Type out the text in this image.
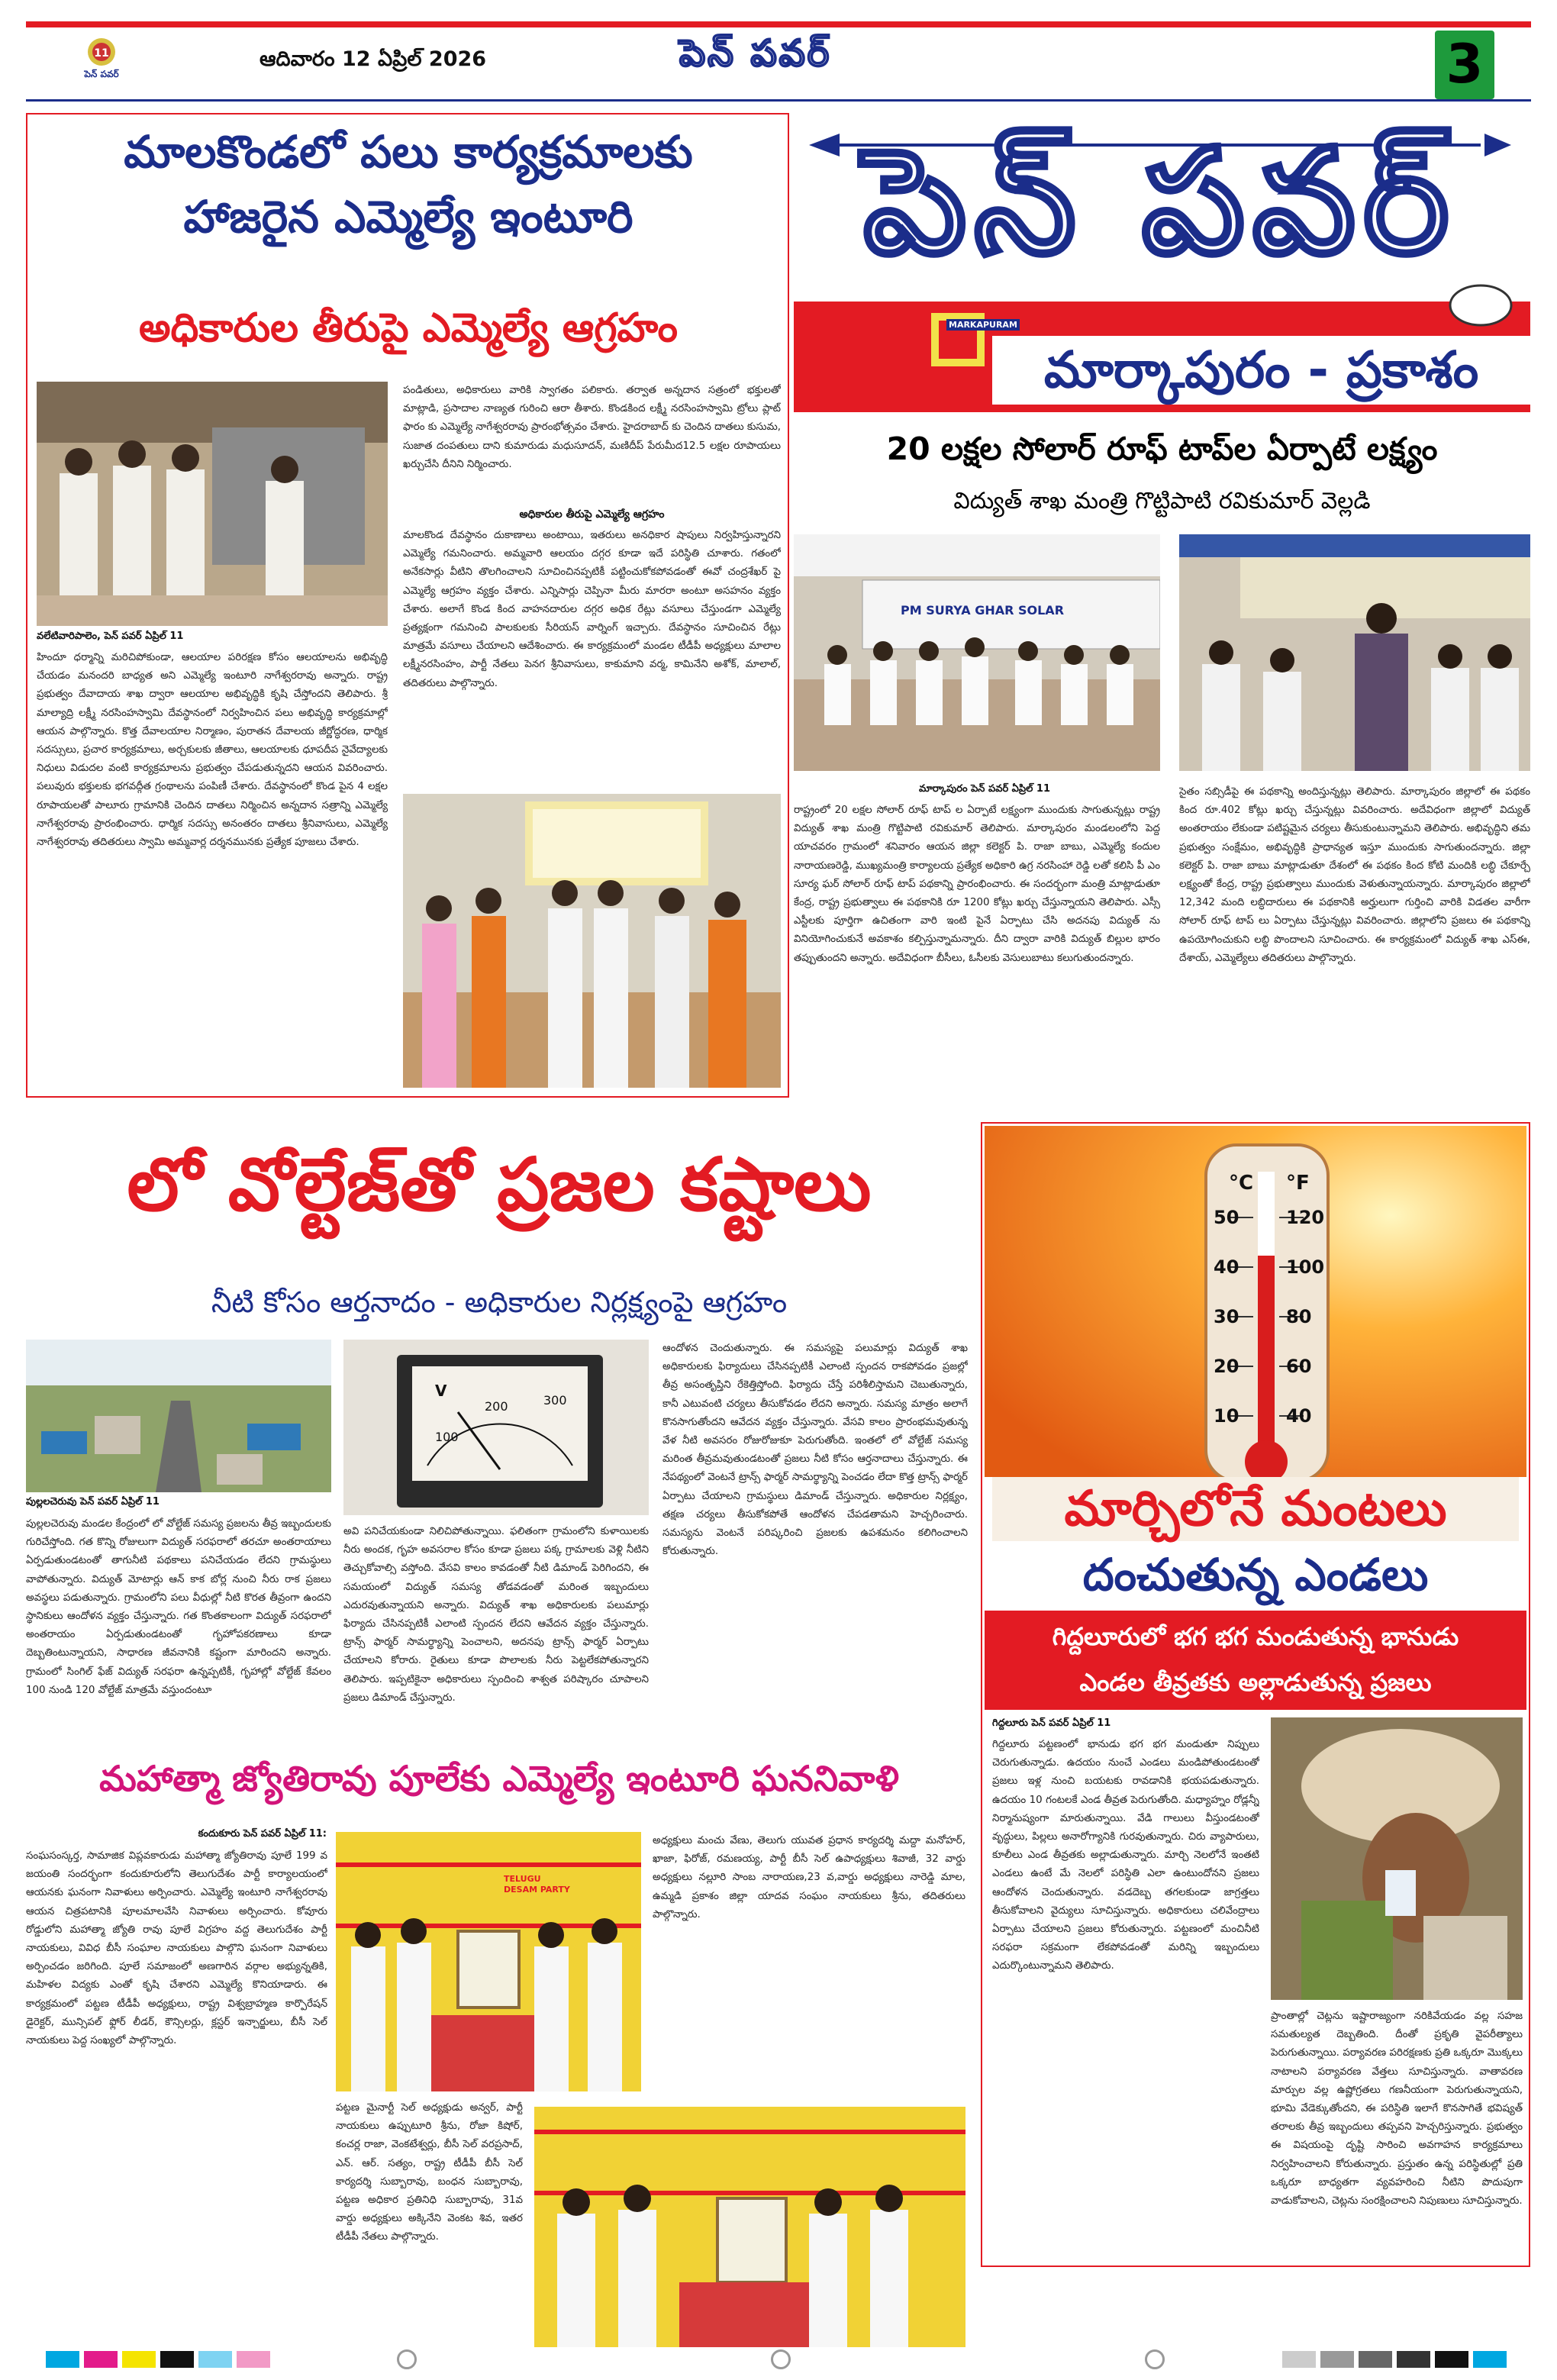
11
పెన్ పవర్
ఆదివారం 12 ఏప్రిల్ 2026	పెన్ పవర్	3
మాలకొండలో పలు కార్యక్రమాలకు
హాజరైన ఎమ్మెల్యే ఇంటూరి
అధికారుల తీరుపై ఎమ్మెల్యే ఆగ్రహం
వలేటివారిపాలెం, పెన్ పవర్ ఏప్రిల్ 11

హిందూ ధర్మాన్ని మరిచిపోకుండా, ఆలయాల పరిరక్షణ కోసం ఆలయాలను అభివృద్ధి చేయడం మనందరి బాధ్యత అని ఎమ్మెల్యే ఇంటూరి నాగేశ్వరరావు అన్నారు. రాష్ట్ర ప్రభుత్వం దేవాదాయ శాఖ ద్వారా ఆలయాల అభివృద్ధికి కృషి చేస్తోందని తెలిపారు. శ్రీ మాల్యాద్రి లక్ష్మీ నరసింహస్వామి దేవస్థానంలో నిర్వహించిన పలు అభివృద్ధి కార్యక్రమాల్లో ఆయన పాల్గొన్నారు. కొత్త దేవాలయాల నిర్మాణం, పురాతన దేవాలయ జీర్ణోద్ధరణ, ధార్మిక సదస్సులు, ప్రచార కార్యక్రమాలు, అర్చకులకు జీతాలు, ఆలయాలకు ధూపదీప నైవేద్యాలకు నిధులు విడుదల వంటి కార్యక్రమాలను ప్రభుత్వం చేపడుతున్నదని ఆయన వివరించారు. పలువురు భక్తులకు భగవద్గీత గ్రంథాలను పంపిణీ చేశారు. దేవస్థానంలో కొండ పైన 4 లక్షల రూపాయలతో పాలూరు గ్రామానికి చెందిన దాతలు నిర్మించిన అన్నదాన సత్రాన్ని ఎమ్మెల్యే నాగేశ్వరరావు ప్రారంభించారు. ధార్మిక సదస్సు అనంతరం దాతలు శ్రీనివాసులు, ఎమ్మెల్యే నాగేశ్వరరావు తదితరులు స్వామి అమ్మవార్ల దర్శనమునకు ప్రత్యేక పూజలు చేశారు.

పండితులు, అధికారులు వారికి స్వాగతం పలికారు. తర్వాత అన్నదాన సత్రంలో భక్తులతో మాట్లాడి, ప్రసాదాల నాణ్యత గురించి ఆరా తీశారు. కొండకింద లక్ష్మీ నరసింహస్వామి ట్రోలు ప్లాట్ ఫారం కు ఎమ్మెల్యే నాగేశ్వరరావు ప్రారంభోత్సవం చేశారు. హైదరాబాద్ కు చెందిన దాతలు కుసుమ, సుజాత దంపతులు దాని కుమారుడు మధుసూదన్, మణిదీప్ పేరుమీద12.5 లక్షల రూపాయలు ఖర్చుచేసి దీనిని నిర్మించారు.

అధికారుల తీరుపై ఎమ్మెల్యే ఆగ్రహం

మాలకొండ దేవస్థానం దుకాణాలు అంటాయి, ఇతరులు అనధికార షాపులు నిర్వహిస్తున్నారని ఎమ్మెల్యే గమనించారు. అమ్మవారి ఆలయం దగ్గర కూడా ఇదే పరిస్థితి చూశారు. గతంలో అనేకసార్లు వీటిని తొలగించాలని సూచించినప్పటికీ పట్టించుకోకపోవడంతో ఈవో చంద్రశేఖర్ పై ఎమ్మెల్యే ఆగ్రహం వ్యక్తం చేశారు. ఎన్నిసార్లు చెప్పినా మీరు మారరా అంటూ అసహనం వ్యక్తం చేశారు. అలాగే కొండ కింద వాహనదారుల దగ్గర అధిక రేట్లు వసూలు చేస్తుండగా ఎమ్మెల్యే ప్రత్యక్షంగా గమనించి పాలకులకు సీరియస్ వార్నింగ్ ఇచ్చారు. దేవస్థానం సూచించిన రేట్లు మాత్రమే వసూలు చేయాలని ఆదేశించారు. ఈ కార్యక్రమంలో మండల టీడీపీ అధ్యక్షులు మాలాల లక్ష్మీనరసింహం, పార్టీ నేతలు పెనగ శ్రీనివాసులు, కాకుమాని వర్మ, కామినేని అశోక్, మాలాల్, తదితరులు పాల్గొన్నారు.

పెన్ పవర్
MARKAPURAM
మార్కాపురం - ప్రకాశం
20 లక్షల సోలార్ రూఫ్ టాప్‌ల ఏర్పాటే లక్ష్యం
విద్యుత్ శాఖ మంత్రి గొట్టిపాటి రవికుమార్ వెల్లడి
PM SURYA GHAR SOLAR
మార్కాపురం పెన్ పవర్ ఏప్రిల్ 11

రాష్ట్రంలో 20 లక్షల సోలార్ రూఫ్ టాప్ ల ఏర్పాటే లక్ష్యంగా ముందుకు సాగుతున్నట్లు రాష్ట్ర విద్యుత్ శాఖ మంత్రి గొట్టిపాటి రవికుమార్ తెలిపారు. మార్కాపురం మండలంలోని పెద్ద యాచవరం గ్రామంలో శనివారం ఆయన జిల్లా కలెక్టర్ పి. రాజా బాబు, ఎమ్మెల్యే కందుల నారాయణరెడ్డి, ముఖ్యమంత్రి కార్యాలయ ప్రత్యేక అధికారి ఉగ్ర నరసింహా రెడ్డి లతో కలిసి పీ ఎం సూర్య ఘర్ సోలార్ రూఫ్ టాప్ పథకాన్ని ప్రారంభించారు. ఈ సందర్భంగా మంత్రి మాట్లాడుతూ కేంద్ర, రాష్ట్ర ప్రభుత్వాలు ఈ పథకానికి రూ 1200 కోట్లు ఖర్చు చేస్తున్నాయని తెలిపారు. ఎస్సీ ఎస్టీలకు పూర్తిగా ఉచితంగా వారి ఇంటి పైనే ఏర్పాటు చేసి అదనపు విద్యుత్ ను వినియోగించుకునే అవకాశం కల్పిస్తున్నామన్నారు. దీని ద్వారా వారికి విద్యుత్ బిల్లుల భారం తప్పుతుందని అన్నారు. అదేవిధంగా బీసీలు, ఓసీలకు వెసులుబాటు కలుగుతుందన్నారు.

సైతం సబ్సిడీపై ఈ పథకాన్ని అందిస్తున్నట్లు తెలిపారు. మార్కాపురం జిల్లాలో ఈ పథకం కింద రూ.402 కోట్లు ఖర్చు చేస్తున్నట్లు వివరించారు. అదేవిధంగా జిల్లాలో విద్యుత్ అంతరాయం లేకుండా పటిష్టమైన చర్యలు తీసుకుంటున్నామని తెలిపారు. అభివృద్ధిని తమ ప్రభుత్వం సంక్షేమం, అభివృద్ధికి ప్రాధాన్యత ఇస్తూ ముందుకు సాగుతుందన్నారు. జిల్లా కలెక్టర్ పి. రాజా బాబు మాట్లాడుతూ దేశంలో ఈ పథకం కింద కోటి మందికి లబ్ధి చేకూర్చే లక్ష్యంతో కేంద్ర, రాష్ట్ర ప్రభుత్వాలు ముందుకు వెళుతున్నాయన్నారు. మార్కాపురం జిల్లాలో 12,342 మంది లబ్ధిదారులు ఈ పథకానికి అర్హులుగా గుర్తించి వారికి విడతల వారీగా సోలార్ రూఫ్ టాప్ లు ఏర్పాటు చేస్తున్నట్లు వివరించారు. జిల్లాలోని ప్రజలు ఈ పథకాన్ని ఉపయోగించుకుని లబ్ధి పొందాలని సూచించారు. ఈ కార్యక్రమంలో విద్యుత్ శాఖ ఎస్ఈ, దేశాయ్, ఎమ్మెల్యేలు తదితరులు పాల్గొన్నారు.

లో వోల్టేజ్‌తో ప్రజల కష్టాలు
నీటి కోసం ఆర్తనాదం - అధికారుల నిర్లక్ష్యంపై ఆగ్రహం
పుల్లలచెరువు పెన్ పవర్ ఏప్రిల్ 11
V
100
200	300

పుల్లలచెరువు మండల కేంద్రంలో లో వోల్టేజ్ సమస్య ప్రజలను తీవ్ర ఇబ్బందులకు గురిచేస్తోంది. గత కొన్ని రోజులుగా విద్యుత్ సరఫరాలో తరచూ అంతరాయాలు ఏర్పడుతుండటంతో తాగునీటి పథకాలు పనిచేయడం లేదని గ్రామస్థులు వాపోతున్నారు. విద్యుత్ మోటార్లు ఆన్ కాక బోర్ల నుంచి నీరు రాక ప్రజలు అవస్థలు పడుతున్నారు. గ్రామంలోని పలు వీధుల్లో నీటి కొరత తీవ్రంగా ఉందని స్థానికులు ఆందోళన వ్యక్తం చేస్తున్నారు. గత కొంతకాలంగా విద్యుత్ సరఫరాలో అంతరాయం ఏర్పడుతుండటంతో గృహోపకరణాలు కూడా దెబ్బతింటున్నాయని, సాధారణ జీవనానికి కష్టంగా మారిందని అన్నారు. గ్రామంలో సింగిల్ ఫేజ్ విద్యుత్ సరఫరా ఉన్నప్పటికీ, గృహాల్లో వోల్టేజ్ కేవలం 100 నుండి 120 వోల్టేజ్ మాత్రమే వస్తుందంటూ

అవి పనిచేయకుండా నిలిచిపోతున్నాయి. ఫలితంగా గ్రామంలోని కుళాయిలకు నీరు అందక, గృహ అవసరాల కోసం కూడా ప్రజలు పక్క గ్రామాలకు వెళ్లి నీటిని తెచ్చుకోవాల్సి వస్తోంది. వేసవి కాలం కావడంతో నీటి డిమాండ్ పెరిగిందని, ఈ సమయంలో విద్యుత్ సమస్య తోడవడంతో మరింత ఇబ్బందులు ఎదురవుతున్నాయని అన్నారు. విద్యుత్ శాఖ అధికారులకు పలుమార్లు ఫిర్యాదు చేసినప్పటికీ ఎలాంటి స్పందన లేదని ఆవేదన వ్యక్తం చేస్తున్నారు. ట్రాన్స్ ఫార్మర్ సామర్థ్యాన్ని పెంచాలని, అదనపు ట్రాన్స్ ఫార్మర్ ఏర్పాటు చేయాలని కోరారు. రైతులు కూడా పొలాలకు నీరు పెట్టలేకపోతున్నారని తెలిపారు. ఇప్పటికైనా అధికారులు స్పందించి శాశ్వత పరిష్కారం చూపాలని ప్రజలు డిమాండ్ చేస్తున్నారు.

ఆందోళన చెందుతున్నారు. ఈ సమస్యపై పలుమార్లు విద్యుత్ శాఖ అధికారులకు ఫిర్యాదులు చేసినప్పటికీ ఎలాంటి స్పందన రాకపోవడం ప్రజల్లో తీవ్ర అసంతృప్తిని రేకెత్తిస్తోంది. ఫిర్యాదు చేస్తే పరిశీలిస్తామని చెబుతున్నారు, కానీ ఎటువంటి చర్యలు తీసుకోవడం లేదని అన్నారు. సమస్య మాత్రం అలాగే కొనసాగుతోందని ఆవేదన వ్యక్తం చేస్తున్నారు. వేసవి కాలం ప్రారంభమవుతున్న వేళ నీటి అవసరం రోజురోజుకూ పెరుగుతోంది. ఇంతలో లో వోల్టేజ్ సమస్య మరింత తీవ్రమవుతుండటంతో ప్రజలు నీటి కోసం ఆర్తనాదాలు చేస్తున్నారు. ఈ నేపథ్యంలో వెంటనే ట్రాన్స్ ఫార్మర్ సామర్థ్యాన్ని పెంచడం లేదా కొత్త ట్రాన్స్ ఫార్మర్ ఏర్పాటు చేయాలని గ్రామస్థులు డిమాండ్ చేస్తున్నారు. అధికారుల నిర్లక్ష్యం, తక్షణ చర్యలు తీసుకోకపోతే ఆందోళన చేపడతామని హెచ్చరించారు. సమస్యను వెంటనే పరిష్కరించి ప్రజలకు ఉపశమనం కలిగించాలని కోరుతున్నారు.

°C °F
50
40
30
20
10
120
100
80
60
40
మార్చిలోనే మంటలు
దంచుతున్న ఎండలు
గిద్దలూరులో భగ భగ మండుతున్న భానుడు
ఎండల తీవ్రతకు అల్లాడుతున్న ప్రజలు
గిద్దలూరు పెన్ పవర్ ఏప్రిల్ 11

గిద్దలూరు పట్టణంలో భానుడు భగ భగ మండుతూ నిప్పులు చెరుగుతున్నాడు. ఉదయం నుంచే ఎండలు మండిపోతుండటంతో ప్రజలు ఇళ్ల నుంచి బయటకు రావడానికి భయపడుతున్నారు. ఉదయం 10 గంటలకే ఎండ తీవ్రత పెరుగుతోంది. మధ్యాహ్నం రోడ్లన్నీ నిర్మానుష్యంగా మారుతున్నాయి. వేడి గాలులు వీస్తుండటంతో వృద్ధులు, పిల్లలు అనారోగ్యానికి గురవుతున్నారు. చిరు వ్యాపారులు, కూలీలు ఎండ తీవ్రతకు అల్లాడుతున్నారు. మార్చి నెలలోనే ఇంతటి ఎండలు ఉంటే మే నెలలో పరిస్థితి ఎలా ఉంటుందోనని ప్రజలు ఆందోళన చెందుతున్నారు. వడదెబ్బ తగలకుండా జాగ్రత్తలు తీసుకోవాలని వైద్యులు సూచిస్తున్నారు. అధికారులు చలివేంద్రాలు ఏర్పాటు చేయాలని ప్రజలు కోరుతున్నారు. పట్టణంలో మంచినీటి సరఫరా సక్రమంగా లేకపోవడంతో మరిన్ని ఇబ్బందులు ఎదుర్కొంటున్నామని తెలిపారు.

ప్రాంతాల్లో చెట్లను ఇష్టారాజ్యంగా నరికివేయడం వల్ల సహజ సమతుల్యత దెబ్బతింది. దీంతో ప్రకృతి వైపరీత్యాలు పెరుగుతున్నాయి. పర్యావరణ పరిరక్షణకు ప్రతి ఒక్కరూ మొక్కలు నాటాలని పర్యావరణ వేత్తలు సూచిస్తున్నారు. వాతావరణ మార్పుల వల్ల ఉష్ణోగ్రతలు గణనీయంగా పెరుగుతున్నాయని, భూమి వేడెక్కుతోందని, ఈ పరిస్థితి ఇలాగే కొనసాగితే భవిష్యత్ తరాలకు తీవ్ర ఇబ్బందులు తప్పవని హెచ్చరిస్తున్నారు. ప్రభుత్వం ఈ విషయంపై దృష్టి సారించి అవగాహన కార్యక్రమాలు నిర్వహించాలని కోరుతున్నారు. ప్రస్తుతం ఉన్న పరిస్థితుల్లో ప్రతి ఒక్కరూ బాధ్యతగా వ్యవహరించి నీటిని పొదుపుగా వాడుకోవాలని, చెట్లను సంరక్షించాలని నిపుణులు సూచిస్తున్నారు.

మహాత్మా జ్యోతిరావు పూలేకు ఎమ్మెల్యే ఇంటూరి ఘననివాళి
కందుకూరు పెన్ పవర్ ఏప్రిల్ 11:

సంఘసంస్కర్త, సామాజిక విప్లవకారుడు మహాత్మా జ్యోతిరావు పూలే 199 వ జయంతి సందర్భంగా కందుకూరులోని తెలుగుదేశం పార్టీ కార్యాలయంలో ఆయనకు ఘనంగా నివాళులు అర్పించారు. ఎమ్మెల్యే ఇంటూరి నాగేశ్వరరావు ఆయన చిత్రపటానికి పూలమాలవేసి నివాళులు అర్పించారు. కోవూరు రోడ్డులోని మహాత్మా జ్యోతి రావు పూలే విగ్రహం వద్ద తెలుగుదేశం పార్టీ నాయకులు, వివిధ బీసీ సంఘాల నాయకులు పాల్గొని ఘనంగా నివాళులు అర్పించడం జరిగింది. పూలే సమాజంలో అణగారిన వర్గాల అభ్యున్నతికి, మహిళల విద్యకు ఎంతో కృషి చేశారని ఎమ్మెల్యే కొనియాడారు. ఈ కార్యక్రమంలో పట్టణ టీడీపీ అధ్యక్షులు, రాష్ట్ర విశ్వబ్రాహ్మణ కార్పొరేషన్ డైరెక్టర్, మున్సిపల్ ఫ్లోర్ లీడర్, కౌన్సిలర్లు, క్లస్టర్ ఇన్చార్జులు, బీసీ సెల్ నాయకులు పెద్ద సంఖ్యలో పాల్గొన్నారు.

TELUGU DESAM PARTY

అధ్యక్షులు మంచు వేణు, తెలుగు యువత ప్రధాన కార్యదర్శి మద్దా మనోహర్, ఖాజా, ఫిరోజ్, రమణయ్య, పార్టీ బీసీ సెల్ ఉపాధ్యక్షులు శివాజీ, 32 వార్డు అధ్యక్షులు నల్లూరి సాంబ నారాయణ,23 వ,వార్డు అధ్యక్షులు నారెడ్డి మాల, ఉమ్మడి ప్రకాశం జిల్లా యాదవ సంఘం నాయకులు శ్రీను, తదితరులు పాల్గొన్నారు.

పట్టణ మైనార్టీ సెల్ అధ్యక్షుడు అన్వర్, పార్టీ నాయకులు ఉప్పుటూరి శ్రీను, రోజా కిషోర్, కంచర్ల రాజా, వెంకటేశ్వర్లు, బీసీ సెల్ వరప్రసాద్, ఎన్. ఆర్. సత్యం, రాష్ట్ర టీడీపీ బీసీ సెల్ కార్యదర్శి సుబ్బారావు, బంధన సుబ్బారావు, పట్టణ అధికార ప్రతినిధి సుబ్బారావు, 31వ వార్డు అధ్యక్షులు అక్కినేని వెంకట శివ, ఇతర టీడీపీ నేతలు పాల్గొన్నారు.
